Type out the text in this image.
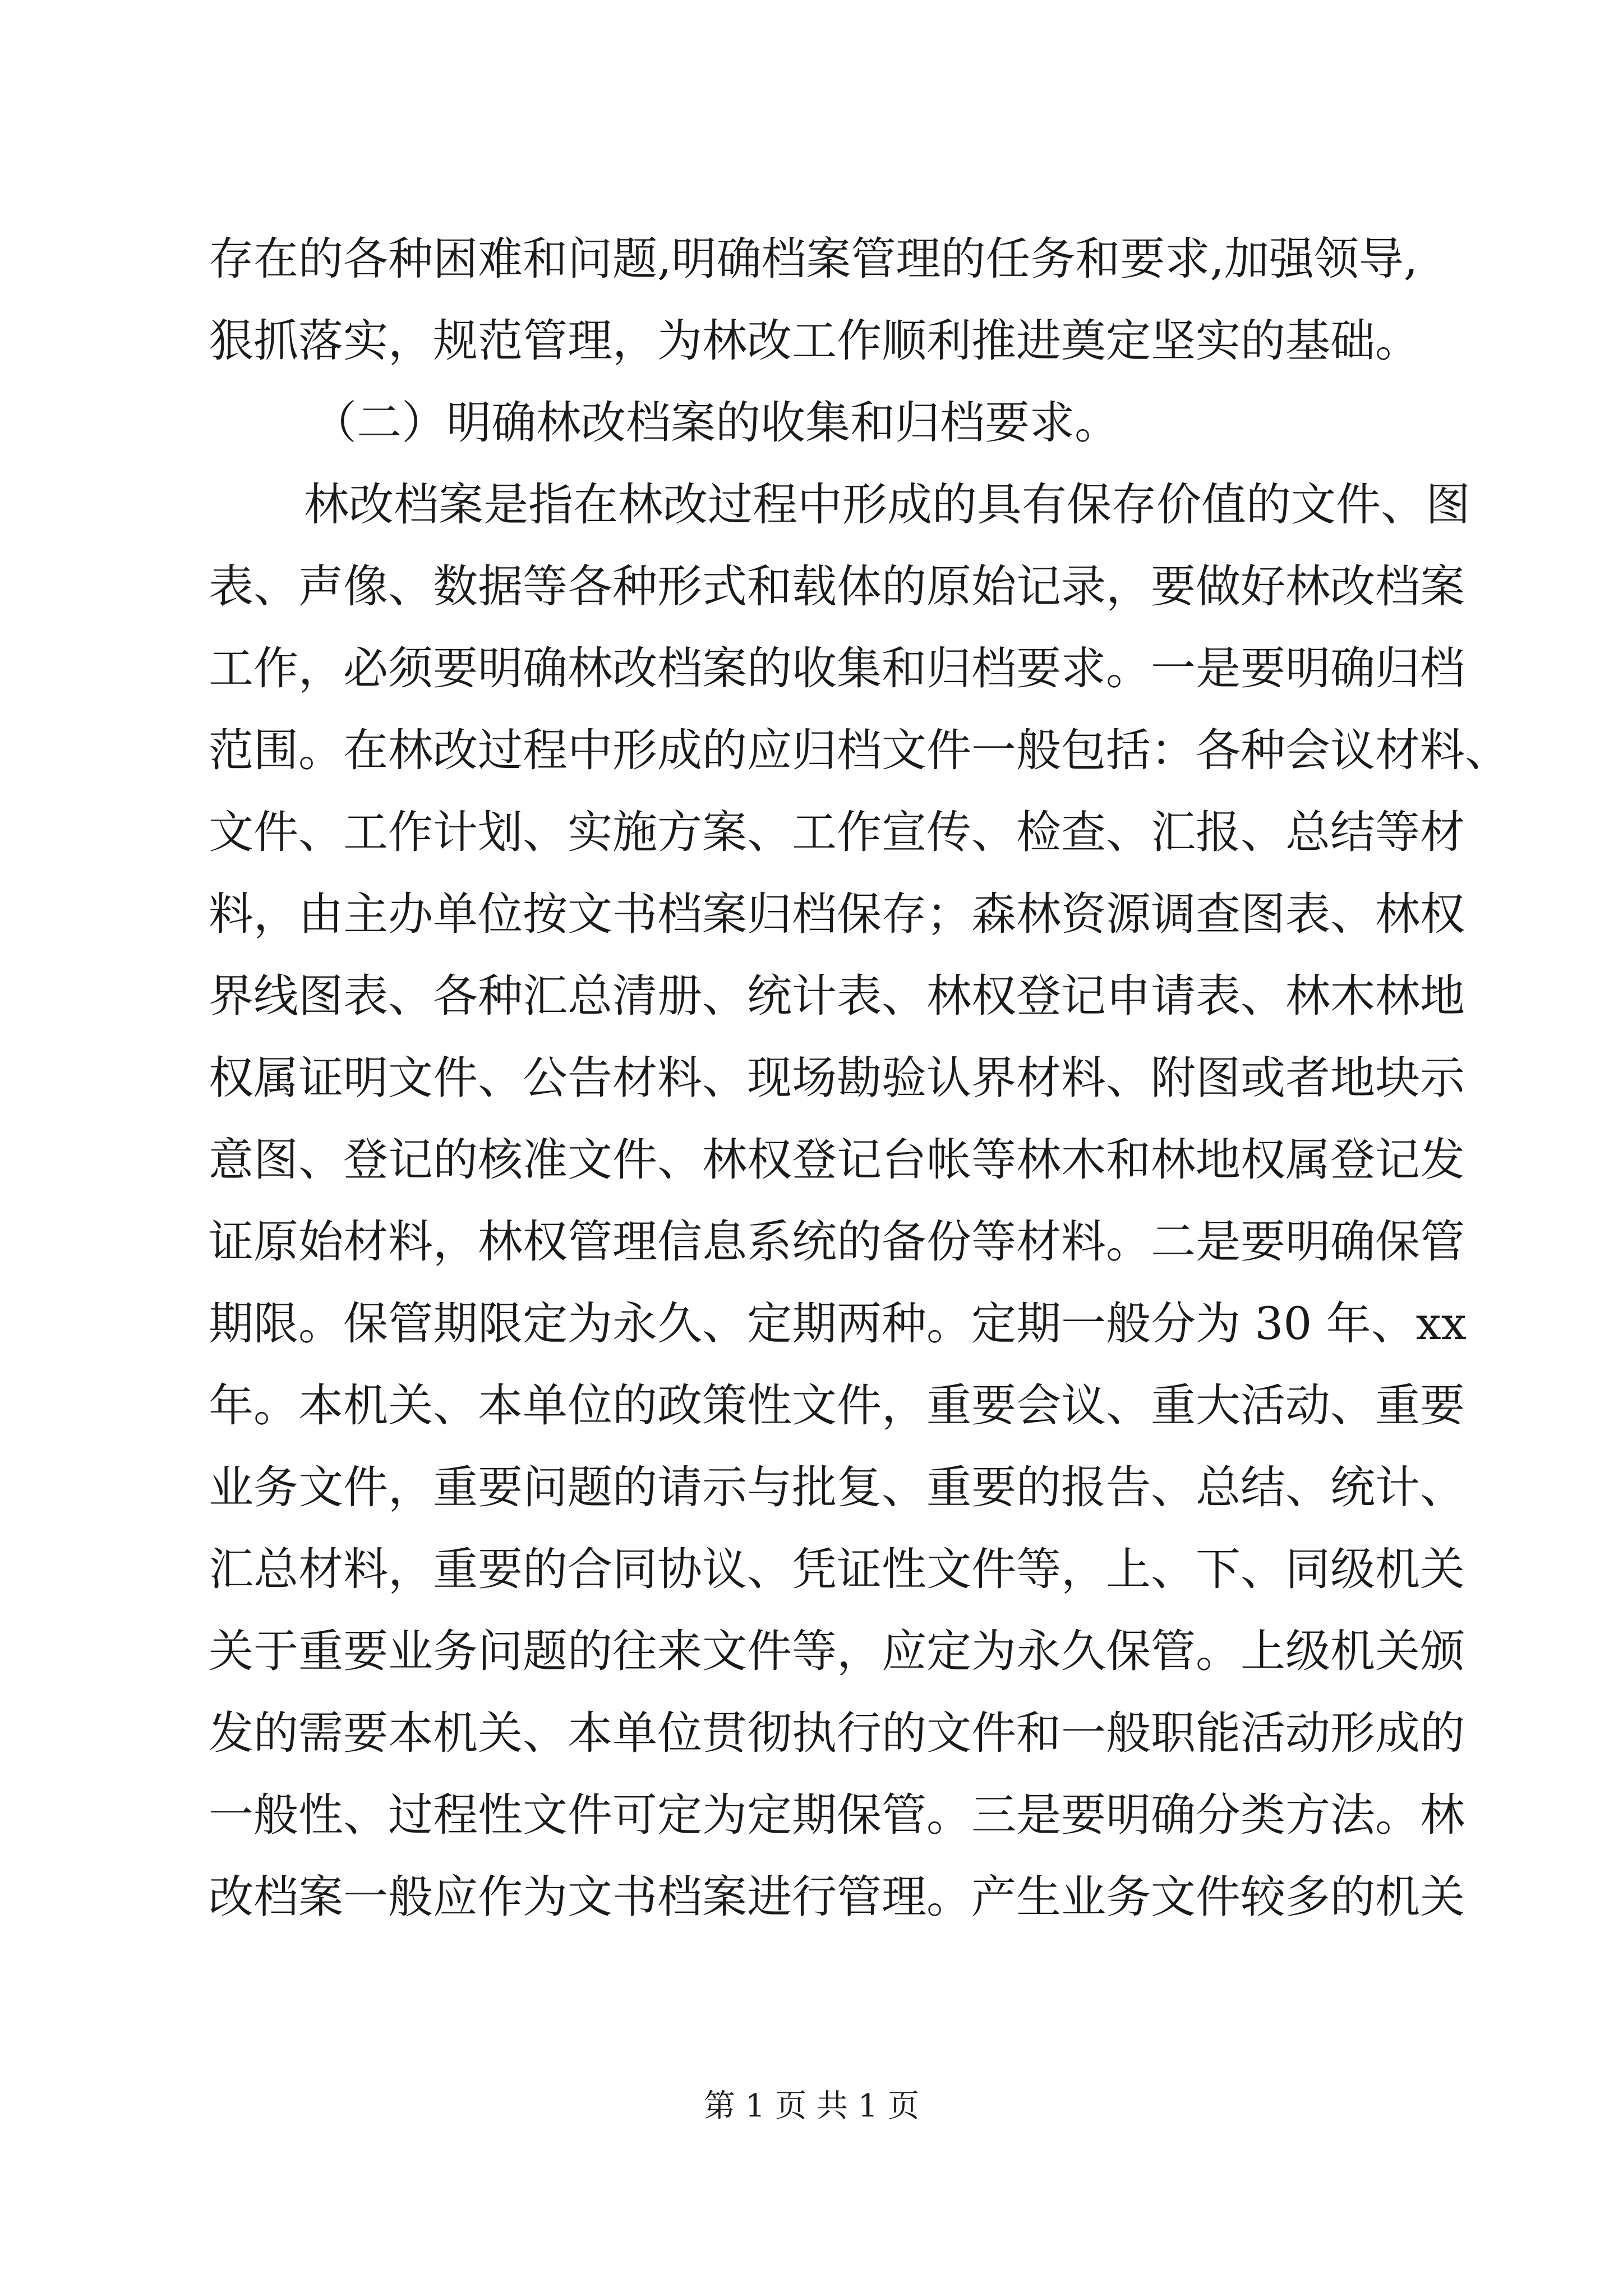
存在的各种困难和问题,明确档案管理的任务和要求,加强领导,
狠抓落实，规范管理，为林改工作顺利推进奠定坚实的基础。
（二）明确林改档案的收集和归档要求。
林改档案是指在林改过程中形成的具有保存价值的文件、图
表、声像、数据等各种形式和载体的原始记录，要做好林改档案
工作，必须要明确林改档案的收集和归档要求。一是要明确归档
范围。在林改过程中形成的应归档文件一般包括：各种会议材料、
文件、工作计划、实施方案、工作宣传、检查、汇报、总结等材
料，由主办单位按文书档案归档保存；森林资源调查图表、林权
界线图表、各种汇总清册、统计表、林权登记申请表、林木林地
权属证明文件、公告材料、现场勘验认界材料、附图或者地块示
意图、登记的核准文件、林权登记台帐等林木和林地权属登记发
证原始材料，林权管理信息系统的备份等材料。二是要明确保管
期限。保管期限定为永久、定期两种。定期一般分为 30 年、xx
年。本机关、本单位的政策性文件，重要会议、重大活动、重要
业务文件，重要问题的请示与批复、重要的报告、总结、统计、
汇总材料，重要的合同协议、凭证性文件等，上、下、同级机关
关于重要业务问题的往来文件等，应定为永久保管。上级机关颁
发的需要本机关、本单位贯彻执行的文件和一般职能活动形成的
一般性、过程性文件可定为定期保管。三是要明确分类方法。林
改档案一般应作为文书档案进行管理。产生业务文件较多的机关
第 1 页 共 1 页
